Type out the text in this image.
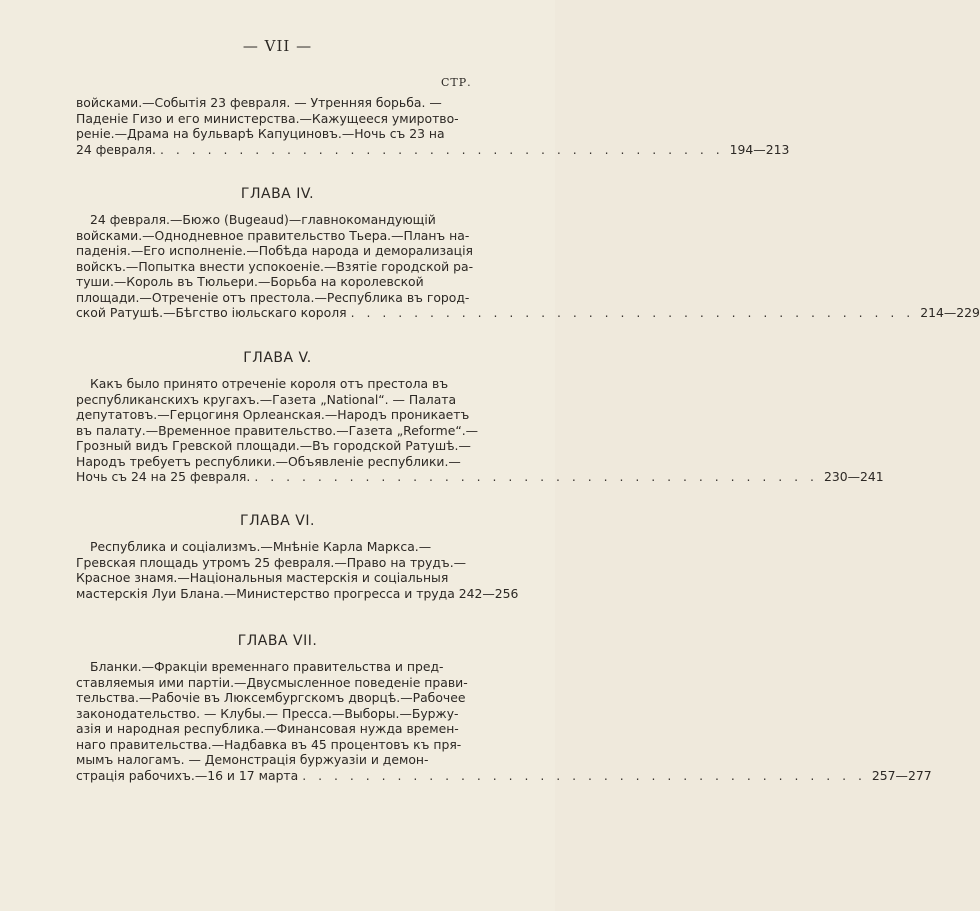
— VII —
СТР.
войсками.—Событія 23 февраля. — Утренняя борьба. —
Паденіе Гизо и его министерства.—Кажущееся умиротво-
реніе.—Драма на бульварѣ Капуциновъ.—Ночь съ 23 на
24 февраля. . . . . . . . . . . . . . . . . . . . . . . . . . . . . . . . . . . . . 194—213
ГЛАВА IV.
24 февраля.—Бюжо (Bugeaud)—главнокомандующій
войсками.—Однодневное правительство Тьера.—Планъ на-
паденія.—Его исполненіе.—Побѣда народа и деморализація
войскъ.—Попытка внести успокоеніе.—Взятіе городской ра-
туши.—Король въ Тюльери.—Борьба на королевской
площади.—Отреченіе отъ престола.—Республика въ город-
ской Ратушѣ.—Бѣгство іюльскаго короля . . . . . . . . . . . . . . . . . . . . . . . . . . . . . . . . . . . . 214—229
ГЛАВА V.
Какъ было принято отреченіе короля отъ престола въ
республиканскихъ кругахъ.—Газета „National“. — Палата
депутатовъ.—Герцогиня Орлеанская.—Народъ проникаетъ
въ палату.—Временное правительство.—Газета „Reforme“.—
Грозный видъ Гревской площади.—Въ городской Ратушѣ.—
Народъ требуетъ республики.—Объявленіе республики.—
Ночь съ 24 на 25 февраля. . . . . . . . . . . . . . . . . . . . . . . . . . . . . . . . . . . . . 230—241
ГЛАВА VI.
Республика и соціализмъ.—Мнѣніе Карла Маркса.—
Гревская площадь утромъ 25 февраля.—Право на трудъ.—
Красное знамя.—Національныя мастерскія и соціальныя
мастерскія Луи Блана.—Министерство прогресса и труда 242—256
ГЛАВА VII.
Бланки.—Фракціи временнаго правительства и пред-
ставляемыя ими партіи.—Двусмысленное поведеніе прави-
тельства.—Рабочіе въ Люксембургскомъ дворцѣ.—Рабочее
законодательство. — Клубы.— Пресса.—Выборы.—Буржу-
азія и народная республика.—Финансовая нужда времен-
наго правительства.—Надбавка въ 45 процентовъ къ пря-
мымъ налогамъ. — Демонстрація буржуазіи и демон-
страція рабочихъ.—16 и 17 марта . . . . . . . . . . . . . . . . . . . . . . . . . . . . . . . . . . . . 257—277
